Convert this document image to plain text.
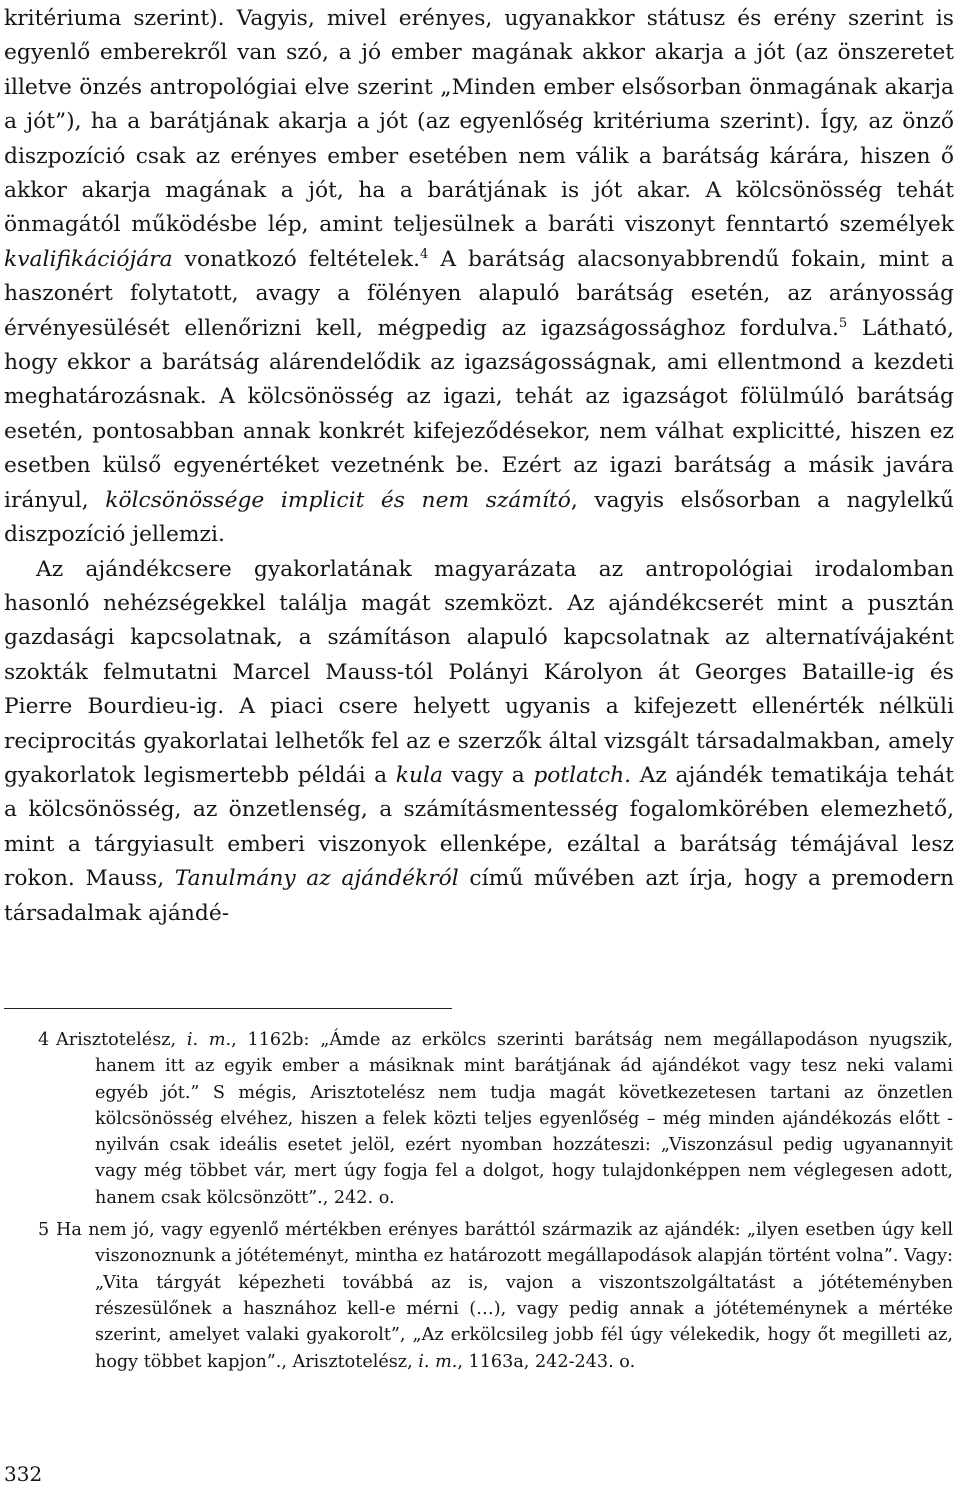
kritériuma szerint). Vagyis, mivel erényes, ugyanakkor státusz és erény szerint is egyenlő emberekről van szó, a jó ember magának akkor akarja a jót (az önszeretet illetve önzés antropológiai elve szerint „Minden ember elsősorban önmagának akarja a jót”), ha a barátjának akarja a jót (az egyenlőség kritériuma szerint). Így, az önző diszpozíció csak az erényes ember esetében nem válik a barátság kárára, hiszen ő akkor akarja magának a jót, ha a barátjának is jót akar. A kölcsönösség tehát önmagától működésbe lép, amint teljesülnek a baráti viszonyt fenntartó személyek kvalifikációjára vonatkozó feltételek.$^4$ A barátság alacsonyabbrendű fokain, mint a haszonért folytatott, avagy a fölényen alapuló barátság esetén, az arányosság érvényesülését ellenőrizni kell, mégpedig az igazságossághoz fordulva.$^5$ Látható, hogy ekkor a barátság alárendelődik az igazságosságnak, ami ellentmond a kezdeti meghatározásnak. A kölcsönösség az igazi, tehát az igazságot fölülmúló barátság esetén, pontosabban annak konkrét kifejeződésekor, nem válhat explicitté, hiszen ez esetben külső egyenértéket vezetnénk be. Ezért az igazi barátság a másik javára irányul, kölcsönössége implicit és nem számító, vagyis elsősorban a nagylelkű diszpozíció jellemzi.

Az ajándékcsere gyakorlatának magyarázata az antropológiai irodalomban hasonló nehézségekkel találja magát szemközt. Az ajándékcserét mint a pusztán gazdasági kapcsolatnak, a számításon alapuló kapcsolatnak az alternatívájaként szokták felmutatni Marcel Mauss-tól Polányi Károlyon át Georges Bataille-ig és Pierre Bourdieu-ig. A piaci csere helyett ugyanis a kifejezett ellenérték nélküli reciprocitás gyakorlatai lelhetők fel az e szerzők által vizsgált társadalmakban, amely gyakorlatok legismertebb példái a kula vagy a potlatch. Az ajándék tematikája tehát a kölcsönösség, az önzetlenség, a számításmentesség fogalomkörében elemezhető, mint a tárgyiasult emberi viszonyok ellenképe, ezáltal a barátság témájával lesz rokon. Mauss, Tanulmány az ajándékról című művében azt írja, hogy a premodern társadalmak ajándé-

4 Arisztotelész, i. m., 1162b: „Ámde az erkölcs szerinti barátság nem megállapodáson nyugszik, hanem itt az egyik ember a másiknak mint barátjának ád ajándékot vagy tesz neki valami egyéb jót.” S mégis, Arisztotelész nem tudja magát következetesen tartani az önzetlen kölcsönösség elvéhez, hiszen a felek közti teljes egyenlőség – még minden ajándékozás előtt - nyilván csak ideális esetet jelöl, ezért nyomban hozzáteszi: „Viszonzásul pedig ugyanannyit vagy még többet vár, mert úgy fogja fel a dolgot, hogy tulajdonképpen nem véglegesen adott, hanem csak kölcsönzött”., 242. o.

5 Ha nem jó, vagy egyenlő mértékben erényes baráttól származik az ajándék: „ilyen esetben úgy kell viszonoznunk a jótéteményt, mintha ez határozott megállapodások alapján történt volna”. Vagy: „Vita tárgyát képezheti továbbá az is, vajon a viszontszolgáltatást a jótéteményben részesülőnek a hasznához kell-e mérni (…), vagy pedig annak a jótéteménynek a mértéke szerint, amelyet valaki gyakorolt”, „Az erkölcsileg jobb fél úgy vélekedik, hogy őt megilleti az, hogy többet kapjon”., Arisztotelész, i. m., 1163a, 242-243. o.

332
